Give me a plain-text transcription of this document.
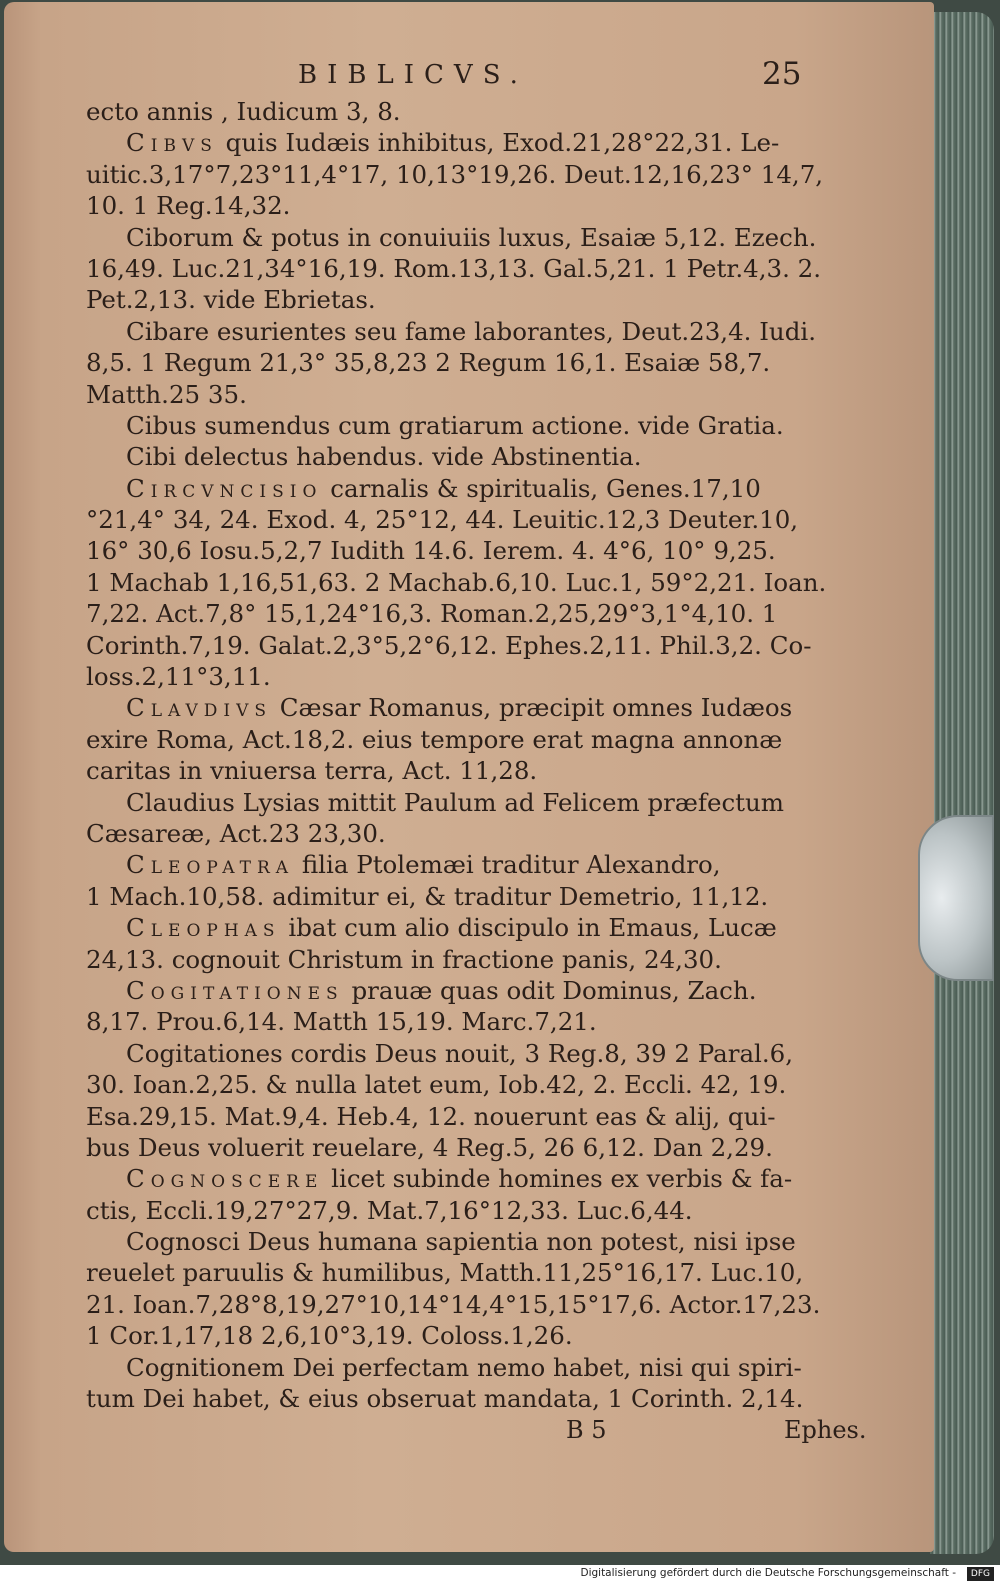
BIBLICVS.	25
ecto annis , Iudicum 3, 8.
Cibvs quis Iudæis inhibitus, Exod.21,28°22,31. Le-
uitic.3,17°7,23°11,4°17, 10,13°19,26. Deut.12,16,23° 14,7,
10. 1 Reg.14,32.
Ciborum & potus in conuiuiis luxus, Esaiæ 5,12. Ezech.
16,49. Luc.21,34°16,19. Rom.13,13. Gal.5,21. 1 Petr.4,3. 2.
Pet.2,13. vide Ebrietas.
Cibare esurientes seu fame laborantes, Deut.23,4. Iudi.
8,5. 1 Regum 21,3° 35,8,23 2 Regum 16,1. Esaiæ 58,7.
Matth.25 35.
Cibus sumendus cum gratiarum actione. vide Gratia.
Cibi delectus habendus. vide Abstinentia.
Circvncisio carnalis & spiritualis, Genes.17,10
°21,4° 34, 24. Exod. 4, 25°12, 44. Leuitic.12,3 Deuter.10,
16° 30,6 Iosu.5,2,7 Iudith 14.6. Ierem. 4. 4°6, 10° 9,25.
1 Machab 1,16,51,63. 2 Machab.6,10. Luc.1, 59°2,21. Ioan.
7,22. Act.7,8° 15,1,24°16,3. Roman.2,25,29°3,1°4,10. 1
Corinth.7,19. Galat.2,3°5,2°6,12. Ephes.2,11. Phil.3,2. Co-
loss.2,11°3,11.
Clavdivs Cæsar Romanus, præcipit omnes Iudæos
exire Roma, Act.18,2. eius tempore erat magna annonæ
caritas in vniuersa terra, Act. 11,28.
Claudius Lysias mittit Paulum ad Felicem præfectum
Cæsareæ, Act.23 23,30.
Cleopatra filia Ptolemæi traditur Alexandro,
1 Mach.10,58. adimitur ei, & traditur Demetrio, 11,12.
Cleophas ibat cum alio discipulo in Emaus, Lucæ
24,13. cognouit Christum in fractione panis, 24,30.
Cogitationes prauæ quas odit Dominus, Zach.
8,17. Prou.6,14. Matth 15,19. Marc.7,21.
Cogitationes cordis Deus nouit, 3 Reg.8, 39 2 Paral.6,
30. Ioan.2,25. & nulla latet eum, Iob.42, 2. Eccli. 42, 19.
Esa.29,15. Mat.9,4. Heb.4, 12. nouerunt eas & alij, qui-
bus Deus voluerit reuelare, 4 Reg.5, 26 6,12. Dan 2,29.
Cognoscere licet subinde homines ex verbis & fa-
ctis, Eccli.19,27°27,9. Mat.7,16°12,33. Luc.6,44.
Cognosci Deus humana sapientia non potest, nisi ipse
reuelet paruulis & humilibus, Matth.11,25°16,17. Luc.10,
21. Ioan.7,28°8,19,27°10,14°14,4°15,15°17,6. Actor.17,23.
1 Cor.1,17,18 2,6,10°3,19. Coloss.1,26.
Cognitionem Dei perfectam nemo habet, nisi qui spiri-
tum Dei habet, & eius obseruat mandata, 1 Corinth. 2,14.
B 5	Ephes.
Digitalisierung gefördert durch die Deutsche Forschungsgemeinschaft -	DFG
